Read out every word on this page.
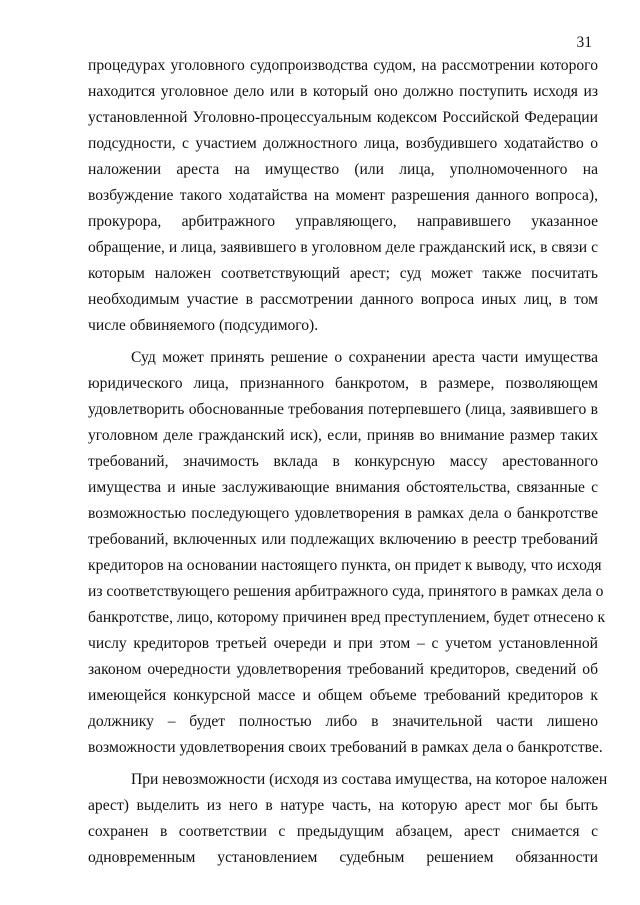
31
процедурах уголовного судопроизводства судом, на рассмотрении которого
находится уголовное дело или в который оно должно поступить исходя из
установленной Уголовно-процессуальным кодексом Российской Федерации
подсудности, с участием должностного лица, возбудившего ходатайство о
наложении ареста на имущество (или лица, уполномоченного на
возбуждение такого ходатайства на момент разрешения данного вопроса),
прокурора, арбитражного управляющего, направившего указанное
обращение, и лица, заявившего в уголовном деле гражданский иск, в связи с
которым наложен соответствующий арест; суд может также посчитать
необходимым участие в рассмотрении данного вопроса иных лиц, в том
числе обвиняемого (подсудимого).
Суд может принять решение о сохранении ареста части имущества
юридического лица, признанного банкротом, в размере, позволяющем
удовлетворить обоснованные требования потерпевшего (лица, заявившего в
уголовном деле гражданский иск), если, приняв во внимание размер таких
требований, значимость вклада в конкурсную массу арестованного
имущества и иные заслуживающие внимания обстоятельства, связанные с
возможностью последующего удовлетворения в рамках дела о банкротстве
требований, включенных или подлежащих включению в реестр требований
кредиторов на основании настоящего пункта, он придет к выводу, что исходя
из соответствующего решения арбитражного суда, принятого в рамках дела о
банкротстве, лицо, которому причинен вред преступлением, будет отнесено к
числу кредиторов третьей очереди и при этом – с учетом установленной
законом очередности удовлетворения требований кредиторов, сведений об
имеющейся конкурсной массе и общем объеме требований кредиторов к
должнику – будет полностью либо в значительной части лишено
возможности удовлетворения своих требований в рамках дела о банкротстве.
При невозможности (исходя из состава имущества, на которое наложен
арест) выделить из него в натуре часть, на которую арест мог бы быть
сохранен в соответствии с предыдущим абзацем, арест снимается с
одновременным установлением судебным решением обязанности
